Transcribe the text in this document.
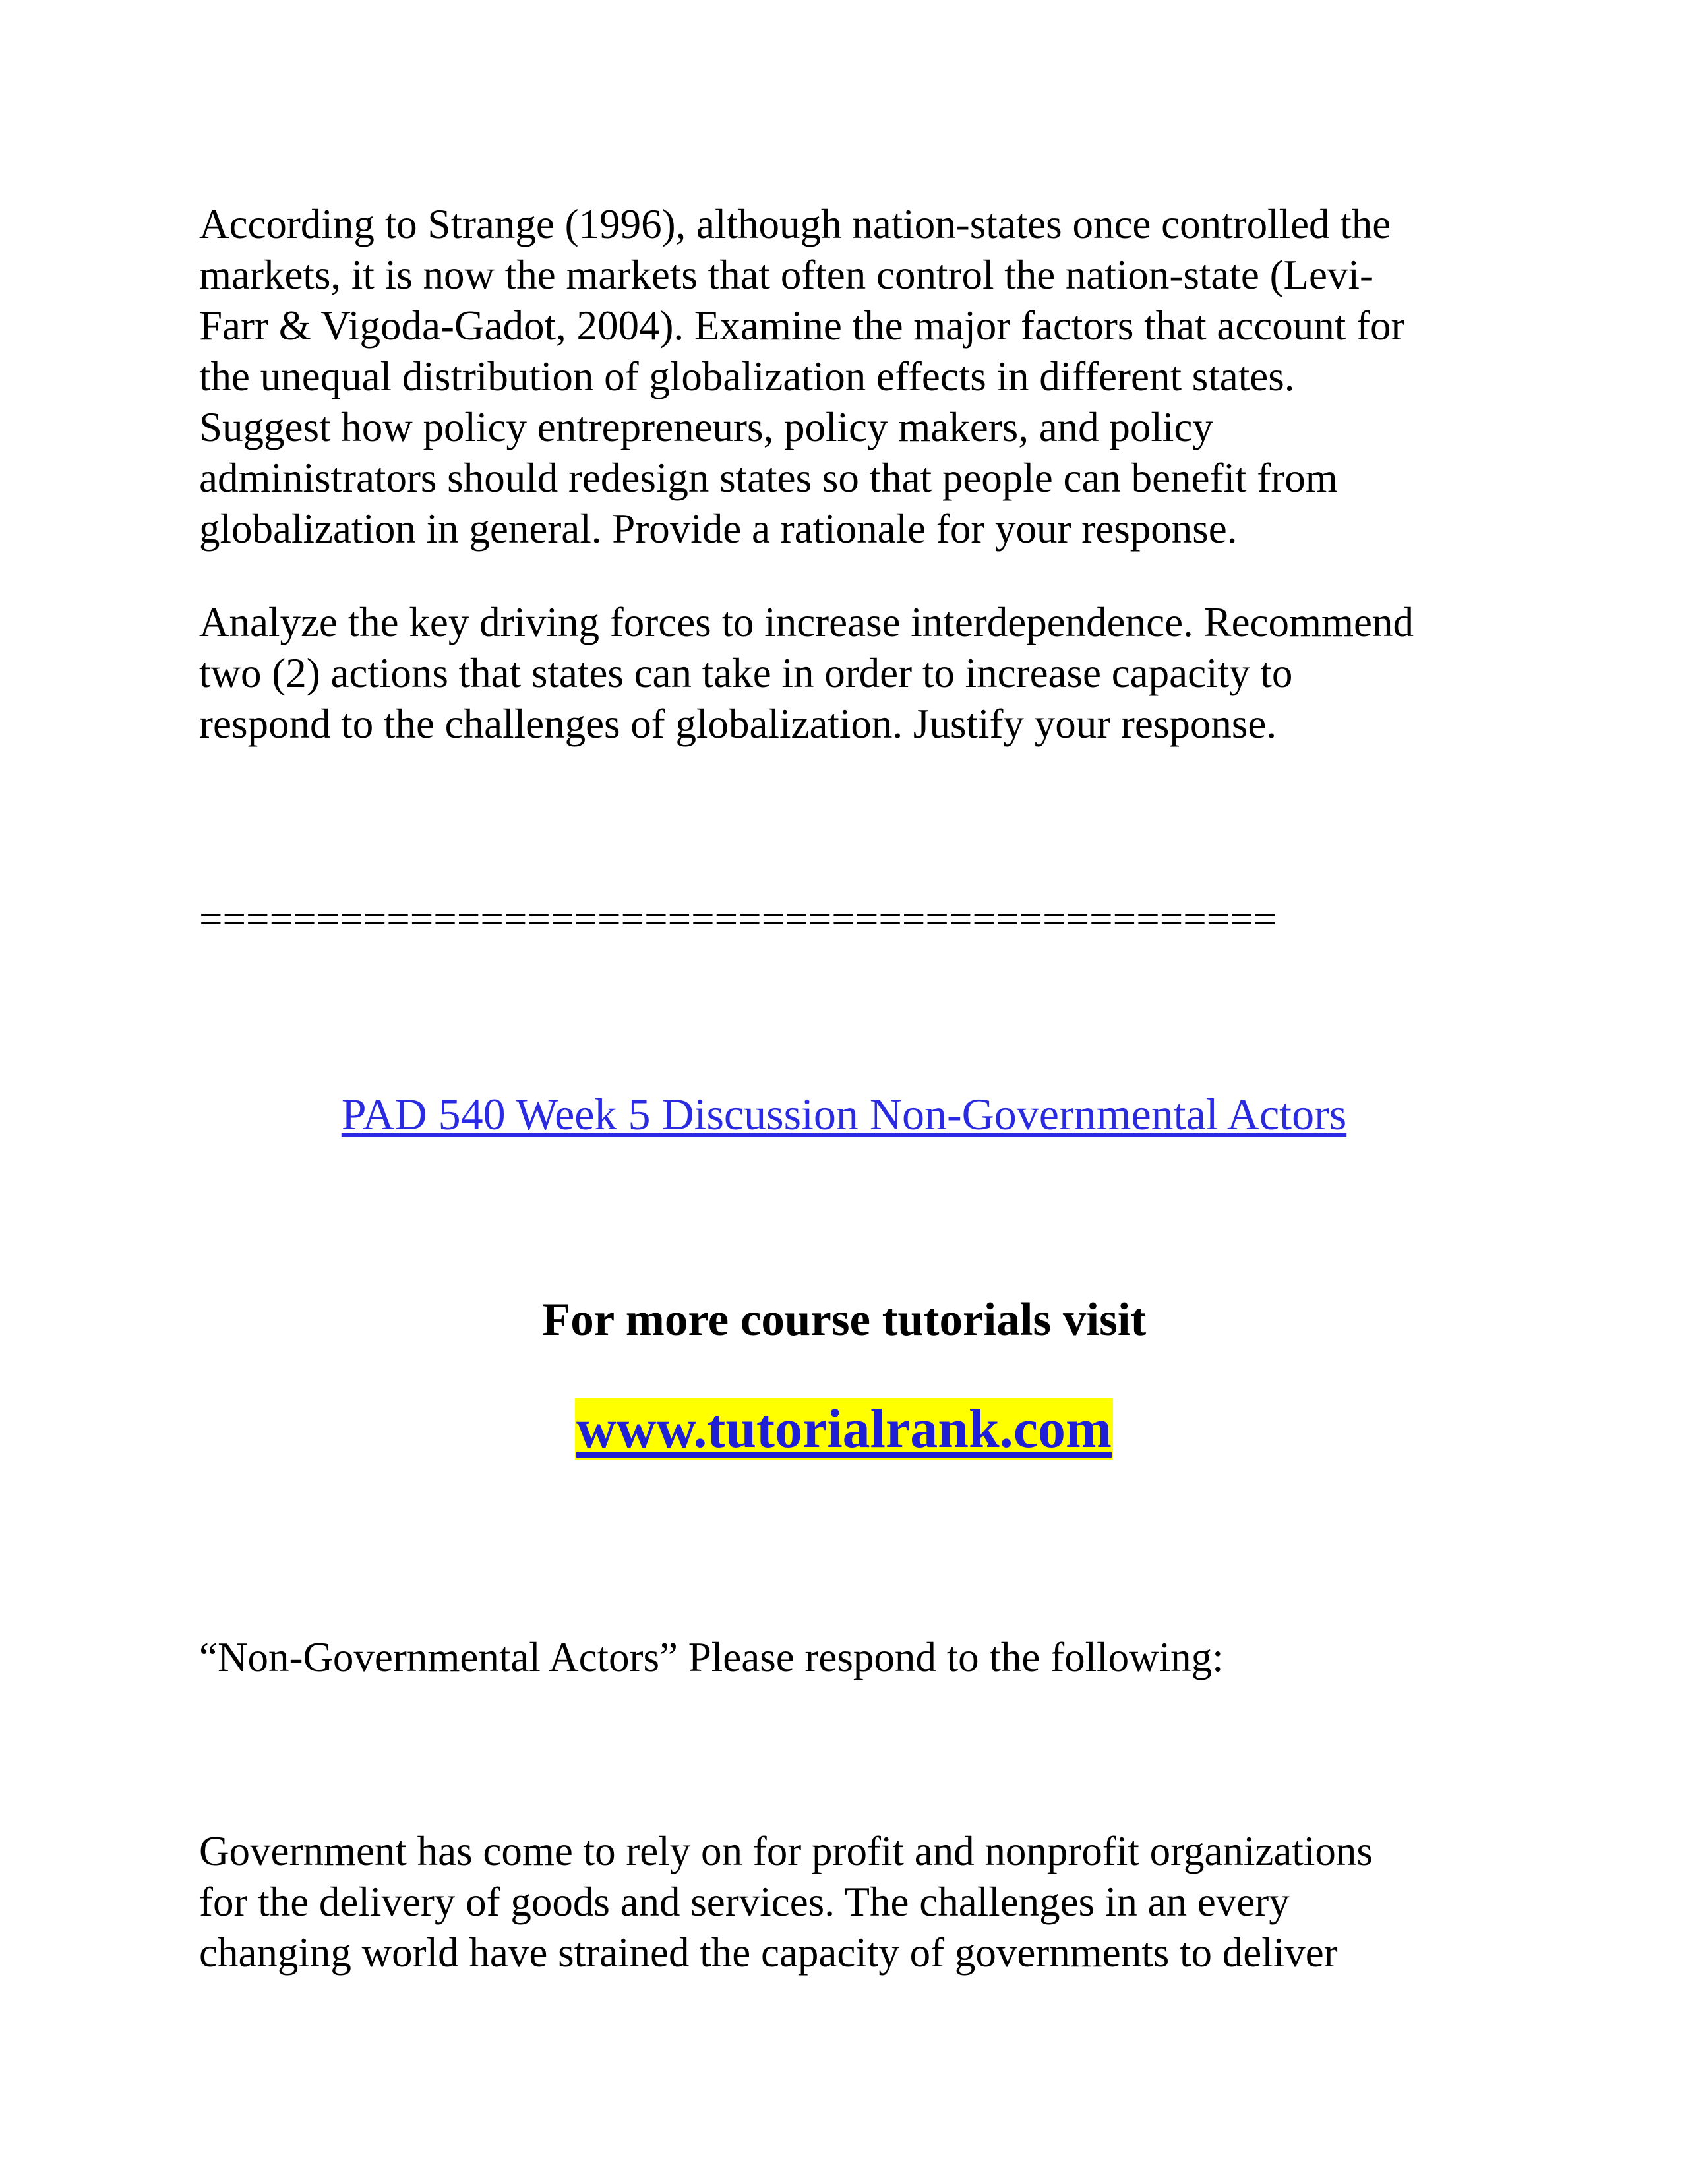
According to Strange (1996), although nation-states once controlled the
markets, it is now the markets that often control the nation-state (Levi-
Farr & Vigoda-Gadot, 2004). Examine the major factors that account for
the unequal distribution of globalization effects in different states.
Suggest how policy entrepreneurs, policy makers, and policy
administrators should redesign states so that people can benefit from
globalization in general. Provide a rationale for your response.

Analyze the key driving forces to increase interdependence. Recommend
two (2) actions that states can take in order to increase capacity to
respond to the challenges of globalization. Justify your response.

==============================================

PAD 540 Week 5 Discussion Non-Governmental Actors

For more course tutorials visit

www.tutorialrank.com

“Non-Governmental Actors” Please respond to the following:

Government has come to rely on for profit and nonprofit organizations
for the delivery of goods and services. The challenges in an every
changing world have strained the capacity of governments to deliver
